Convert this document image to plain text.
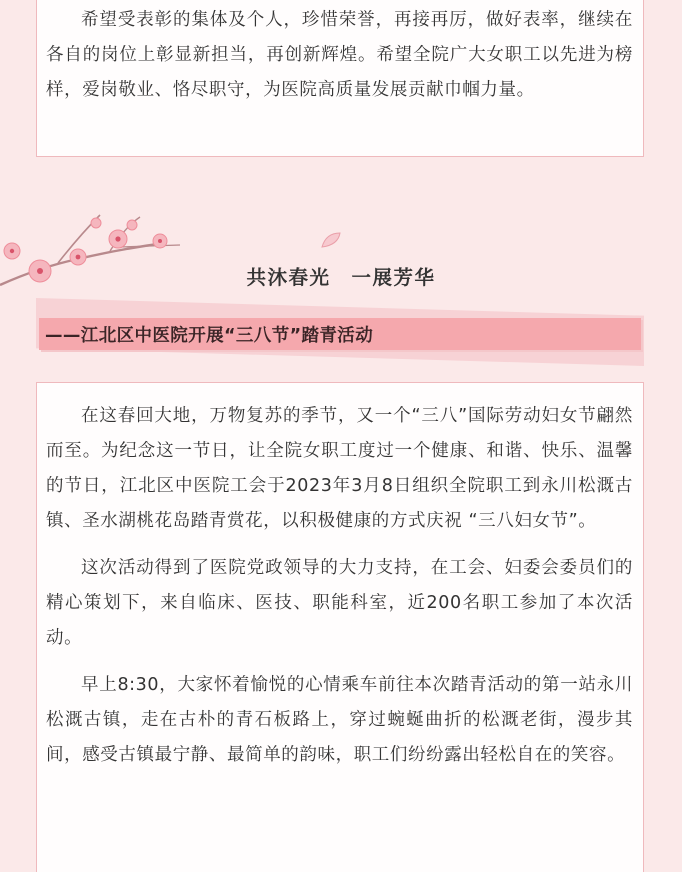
希望受表彰的集体及个人，珍惜荣誉，再接再厉，做好表率，继续在各自的岗位上彰显新担当，再创新辉煌。希望全院广大女职工以先进为榜样，爱岗敬业、恪尽职守，为医院高质量发展贡献巾帼力量。

共沐春光　一展芳华
——江北区中医院开展“三八节”踏青活动

在这春回大地，万物复苏的季节，又一个“三八”国际劳动妇女节翩然而至。为纪念这一节日，让全院女职工度过一个健康、和谐、快乐、温馨的节日，江北区中医院工会于2023年3月8日组织全院职工到永川松溉古镇、圣水湖桃花岛踏青赏花，以积极健康的方式庆祝 “三八妇女节”。

这次活动得到了医院党政领导的大力支持，在工会、妇委会委员们的精心策划下，来自临床、医技、职能科室，近200名职工参加了本次活动。

早上8:30，大家怀着愉悦的心情乘车前往本次踏青活动的第一站永川松溉古镇，走在古朴的青石板路上，穿过蜿蜒曲折的松溉老街，漫步其间，感受古镇最宁静、最简单的韵味，职工们纷纷露出轻松自在的笑容。
